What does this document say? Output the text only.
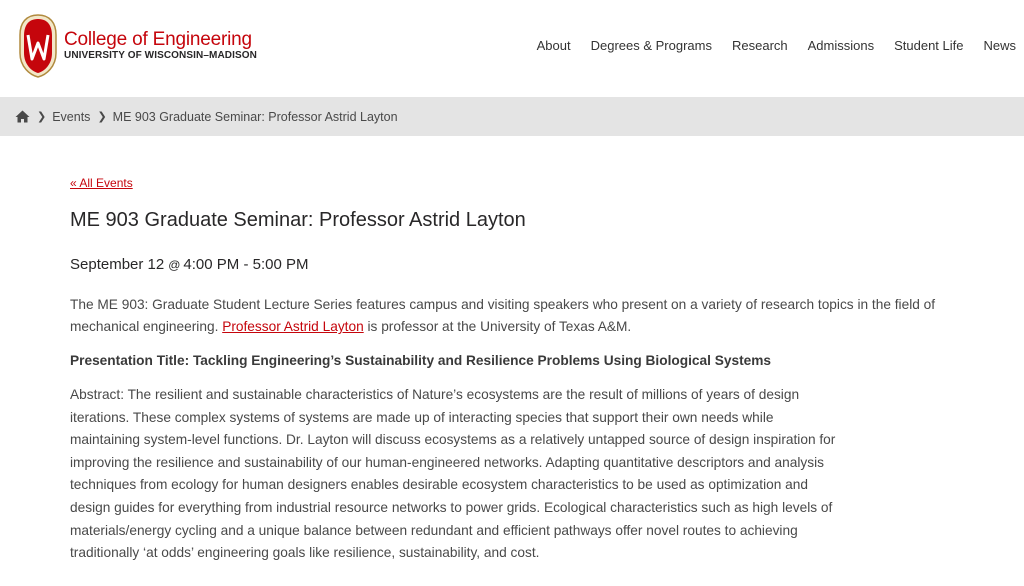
College of Engineering
UNIVERSITY OF WISCONSIN–MADISON
About Degrees & Programs Research Admissions Student Life News
❯ Events ❯ ME 903 Graduate Seminar: Professor Astrid Layton
« All Events
ME 903 Graduate Seminar: Professor Astrid Layton
September 12 @ 4:00 PM - 5:00 PM
The ME 903: Graduate Student Lecture Series features campus and visiting speakers who present on a variety of research topics in the field of mechanical engineering. Professor Astrid Layton is professor at the University of Texas A&M.
Presentation Title: Tackling Engineering’s Sustainability and Resilience Problems Using Biological Systems
Abstract: The resilient and sustainable characteristics of Nature’s ecosystems are the result of millions of years of design iterations. These complex systems of systems are made up of interacting species that support their own needs while maintaining system-level functions. Dr. Layton will discuss ecosystems as a relatively untapped source of design inspiration for improving the resilience and sustainability of our human-engineered networks. Adapting quantitative descriptors and analysis techniques from ecology for human designers enables desirable ecosystem characteristics to be used as optimization and design guides for everything from industrial resource networks to power grids. Ecological characteristics such as high levels of materials/energy cycling and a unique balance between redundant and efficient pathways offer novel routes to achieving traditionally ‘at odds’ engineering goals like resilience, sustainability, and cost.
